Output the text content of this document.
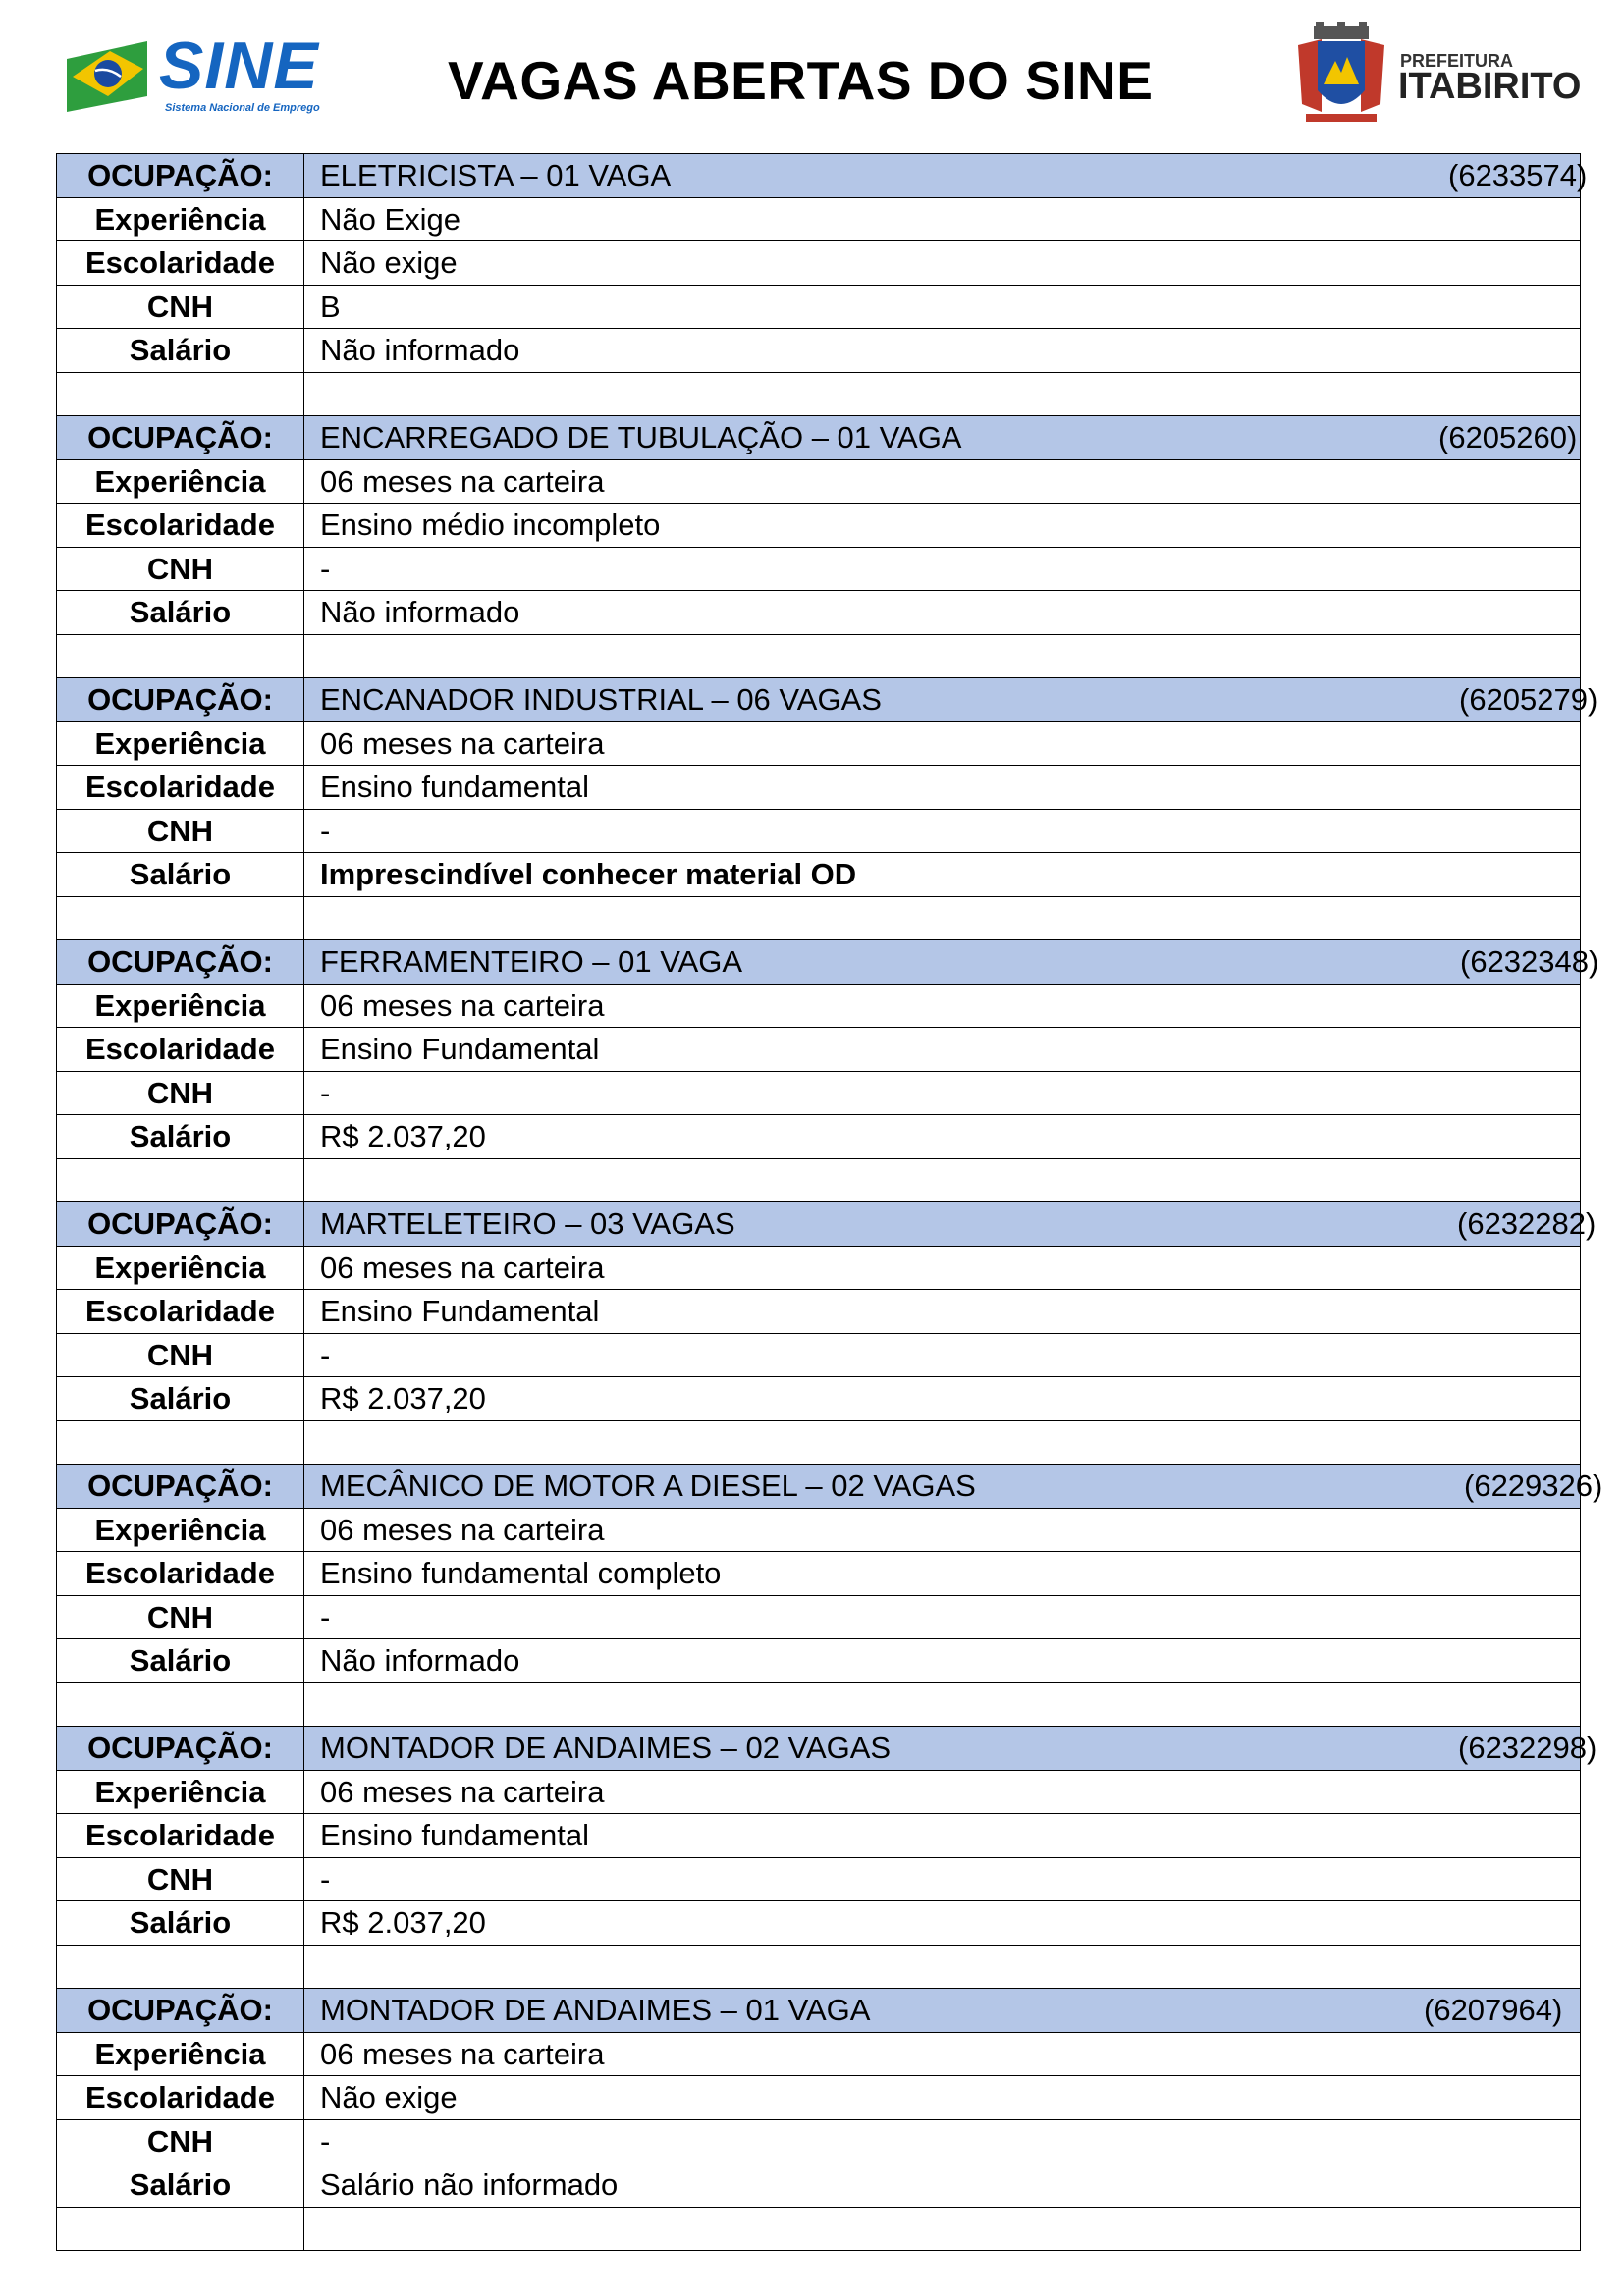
SINE
Sistema Nacional de Emprego VAGAS ABERTAS DO SINE	PREFEITURA
ITABIRITO
OCUPAÇÃO:	ELETRICISTA – 01 VAGA (6233574)

Experiência	Não Exige
Escolaridade	Não exige
CNH	B
Salário	Não informado

OCUPAÇÃO:	ENCARREGADO DE TUBULAÇÃO – 01 VAGA (6205260)

Experiência	06 meses na carteira
Escolaridade	Ensino médio incompleto
CNH	-
Salário	Não informado

OCUPAÇÃO:	ENCANADOR INDUSTRIAL – 06 VAGAS (6205279)

Experiência	06 meses na carteira
Escolaridade	Ensino fundamental
CNH	-
Salário	Imprescindível conhecer material OD

OCUPAÇÃO:	FERRAMENTEIRO – 01 VAGA (6232348)

Experiência	06 meses na carteira
Escolaridade	Ensino Fundamental
CNH	-
Salário	R$ 2.037,20

OCUPAÇÃO:	MARTELETEIRO – 03 VAGAS (6232282)

Experiência	06 meses na carteira
Escolaridade	Ensino Fundamental
CNH	-
Salário	R$ 2.037,20

OCUPAÇÃO:	MECÂNICO DE MOTOR A DIESEL – 02 VAGAS (6229326)

Experiência	06 meses na carteira
Escolaridade	Ensino fundamental completo
CNH	-
Salário	Não informado

OCUPAÇÃO:	MONTADOR DE ANDAIMES – 02 VAGAS (6232298)

Experiência	06 meses na carteira
Escolaridade	Ensino fundamental
CNH	-
Salário	R$ 2.037,20

OCUPAÇÃO:	MONTADOR DE ANDAIMES – 01 VAGA (6207964)

Experiência	06 meses na carteira
Escolaridade	Não exige
CNH	-
Salário	Salário não informado
